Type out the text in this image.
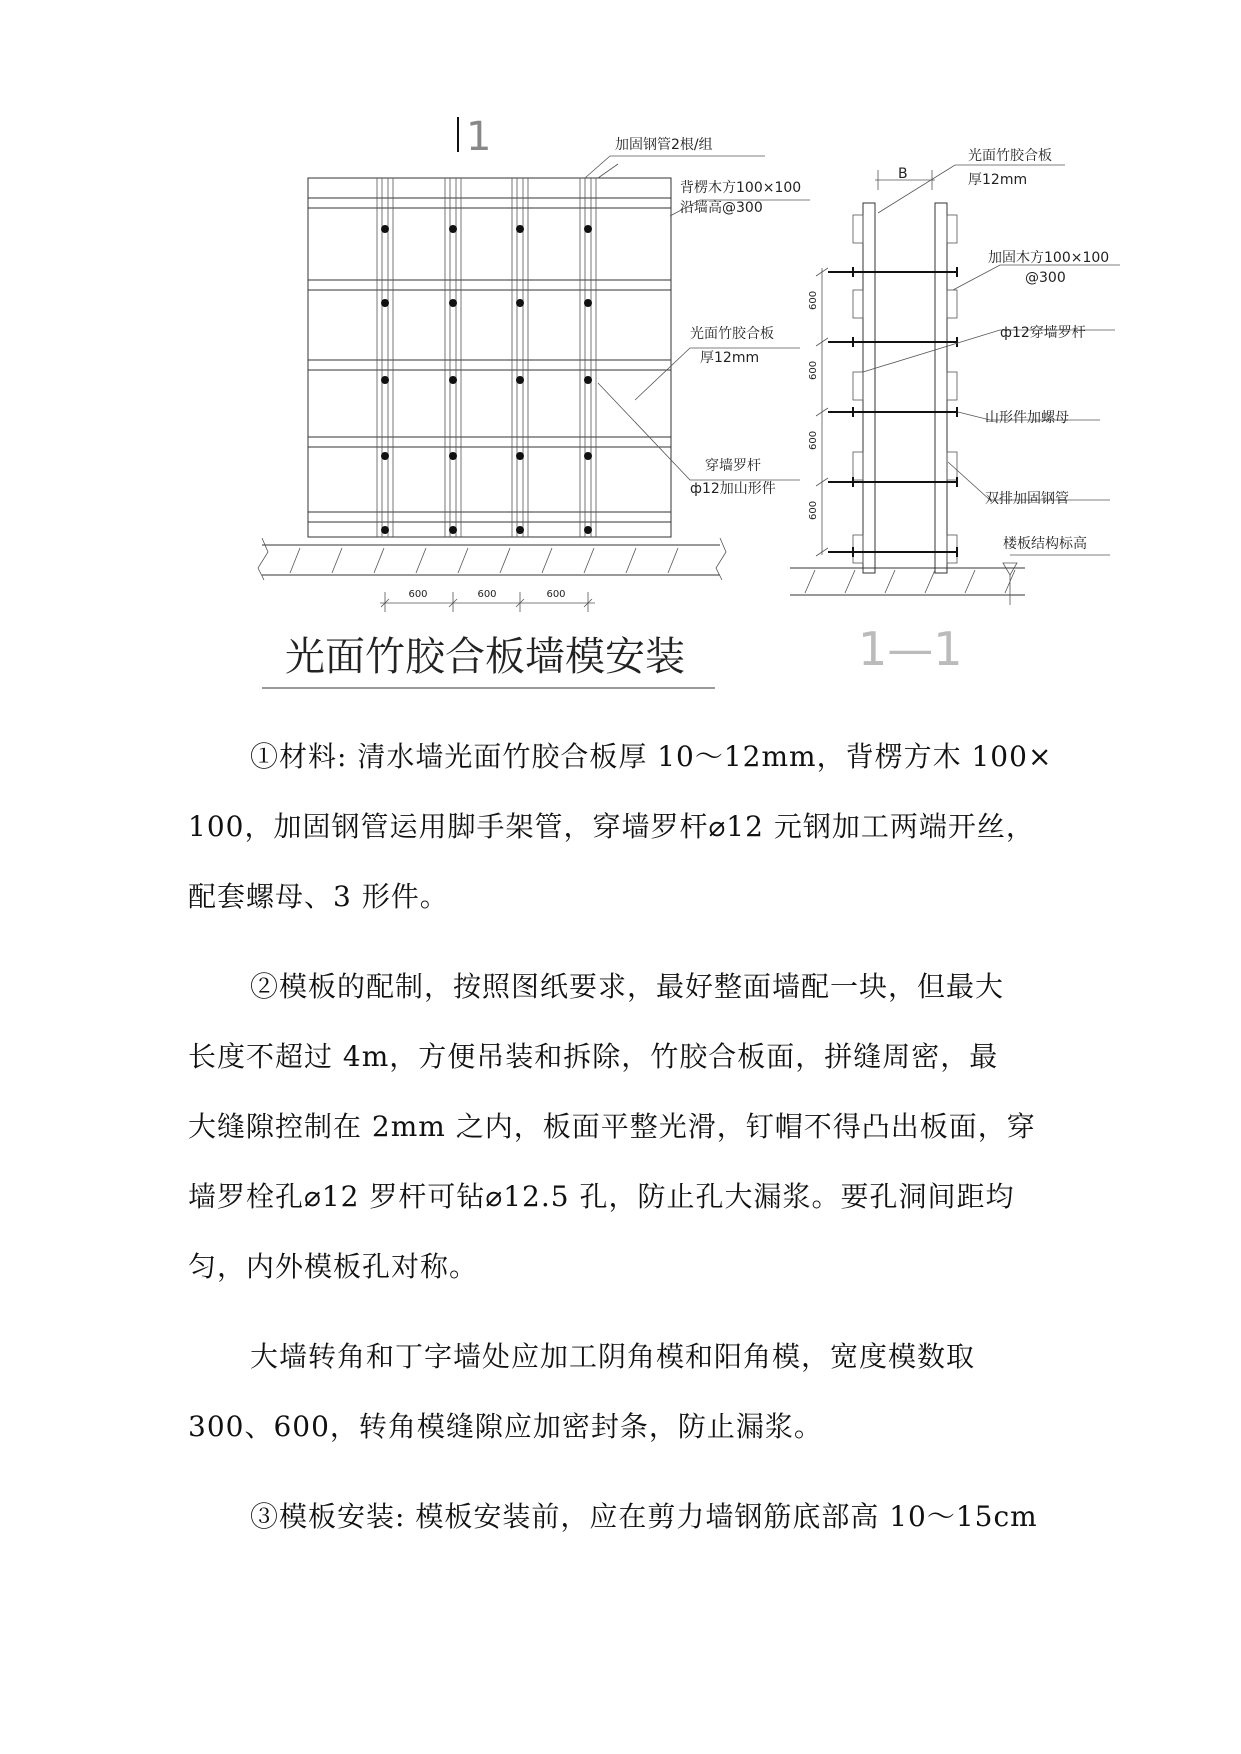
1
600	600	600
加固钢管2根/组
背楞木方100×100
沿墙高@300
光面竹胶合板
厚12mm
穿墙罗杆
ф12加山形件
光面竹胶合板墙模安装
B
600
600
600
600
光面竹胶合板
厚12mm
加固木方100×100
@300
ф12穿墙罗杆
山形件加螺母
双排加固钢管
楼板结构标高
1—1

①材料: 清水墙光面竹胶合板厚 10～12mm，背楞方木 100×

100，加固钢管运用脚手架管，穿墙罗杆⌀12 元钢加工两端开丝，

配套螺母、3 形件。

②模板的配制，按照图纸要求，最好整面墙配一块，但最大

长度不超过 4m，方便吊装和拆除，竹胶合板面，拼缝周密，最

大缝隙控制在 2mm 之内，板面平整光滑，钉帽不得凸出板面，穿

墙罗栓孔⌀12 罗杆可钻⌀12.5 孔，防止孔大漏浆。要孔洞间距均

匀，内外模板孔对称。

大墙转角和丁字墙处应加工阴角模和阳角模，宽度模数取

300、600，转角模缝隙应加密封条，防止漏浆。

③模板安装: 模板安装前，应在剪力墙钢筋底部高 10～15cm
